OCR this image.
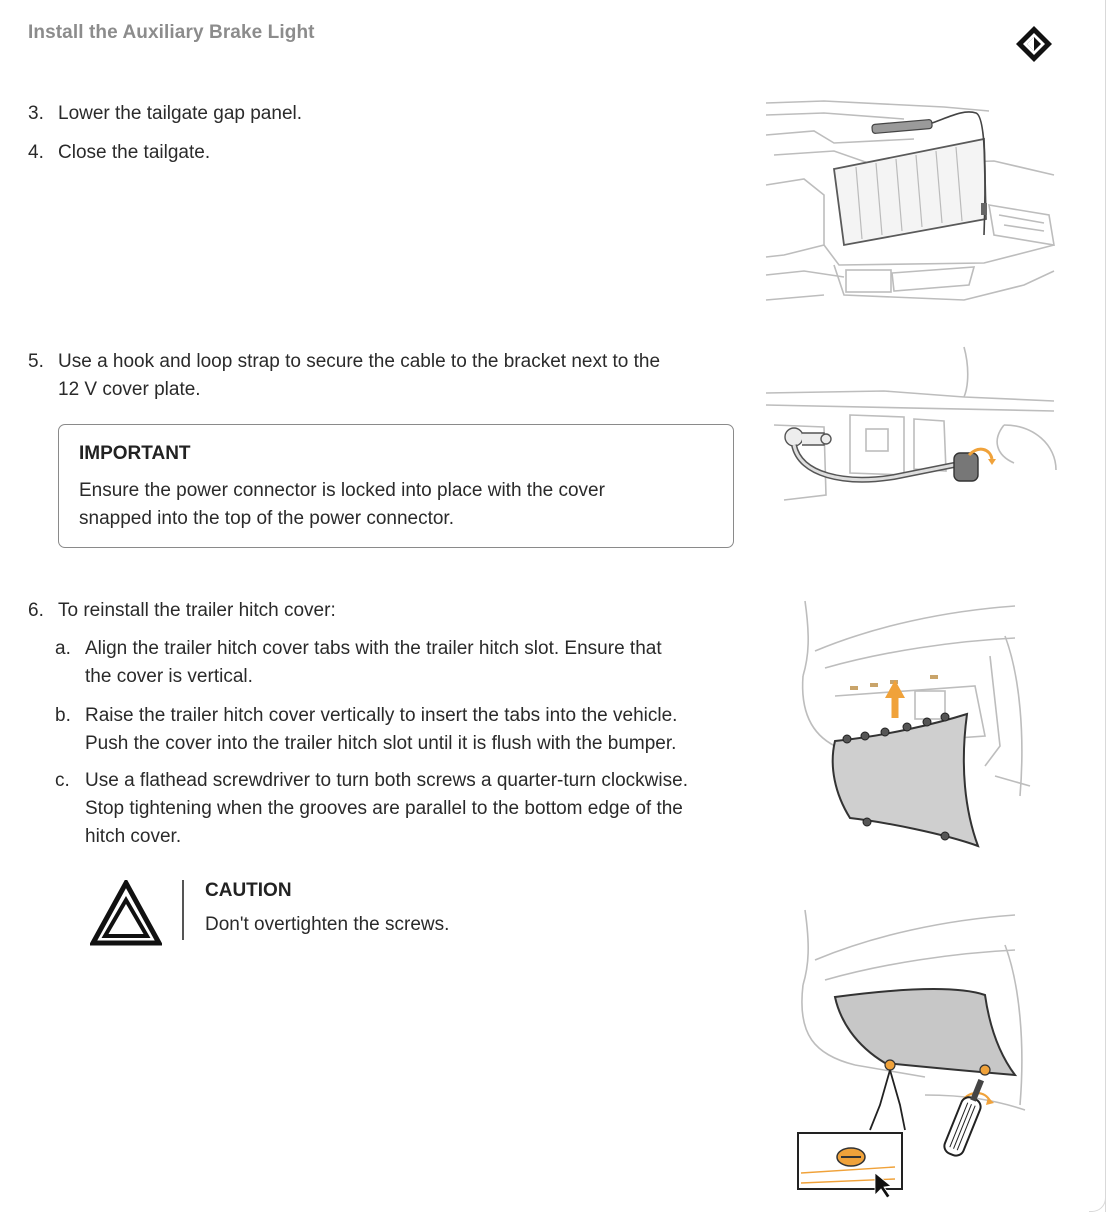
Install the Auxiliary Brake Light
3. Lower the tailgate gap panel.
4. Close the tailgate.
5. Use a hook and loop strap to secure the cable to the bracket next to the
12 V cover plate.
IMPORTANT
Ensure the power connector is locked into place with the cover
snapped into the top of the power connector.
6. To reinstall the trailer hitch cover:
a. Align the trailer hitch cover tabs with the trailer hitch slot. Ensure that
the cover is vertical.
b. Raise the trailer hitch cover vertically to insert the tabs into the vehicle.
Push the cover into the trailer hitch slot until it is flush with the bumper.
c. Use a flathead screwdriver to turn both screws a quarter-turn clockwise.
Stop tightening when the grooves are parallel to the bottom edge of the
hitch cover.
CAUTION
Don't overtighten the screws.
